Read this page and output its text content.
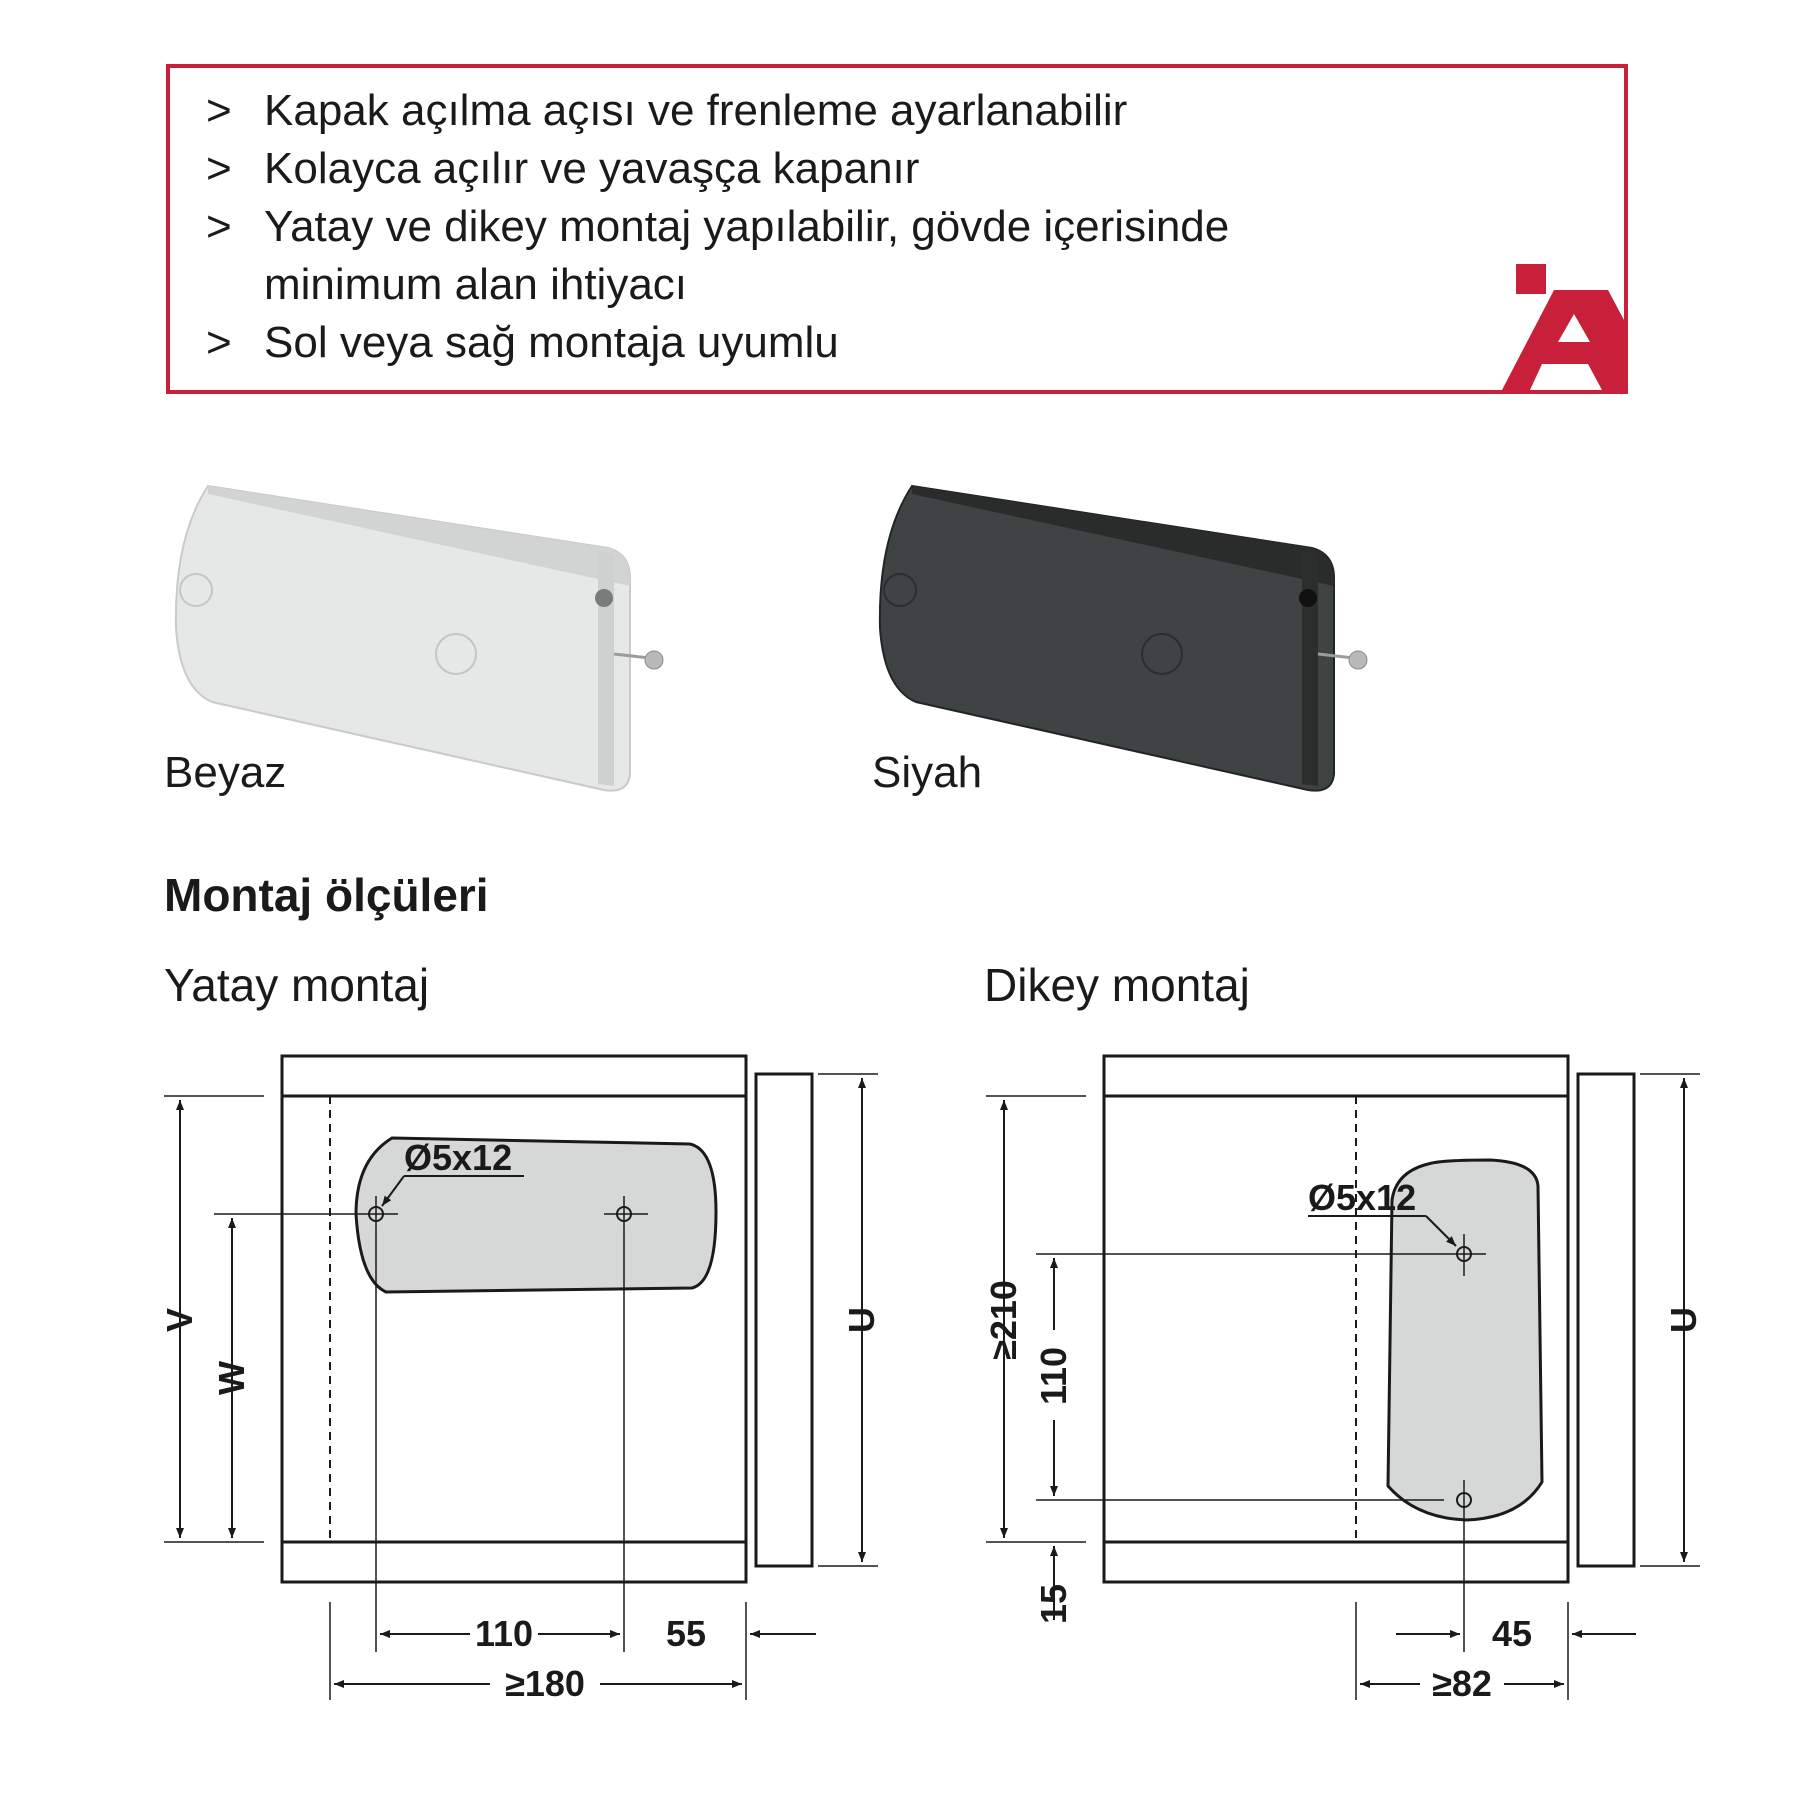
> Kapak açılma açısı ve frenleme ayarlanabilir
> Kolayca açılır ve yavaşça kapanır
> Yatay ve dikey montaj yapılabilir, gövde içerisinde minimum alan ihtiyacı
> Sol veya sağ montaja uyumlu
Beyaz	Siyah
Montaj ölçüleri
Yatay montaj	Dikey montaj
Ø5x12
110	55
≥180
V
W
U
Ø5x12
45
≥82
≥210
110
15
U
